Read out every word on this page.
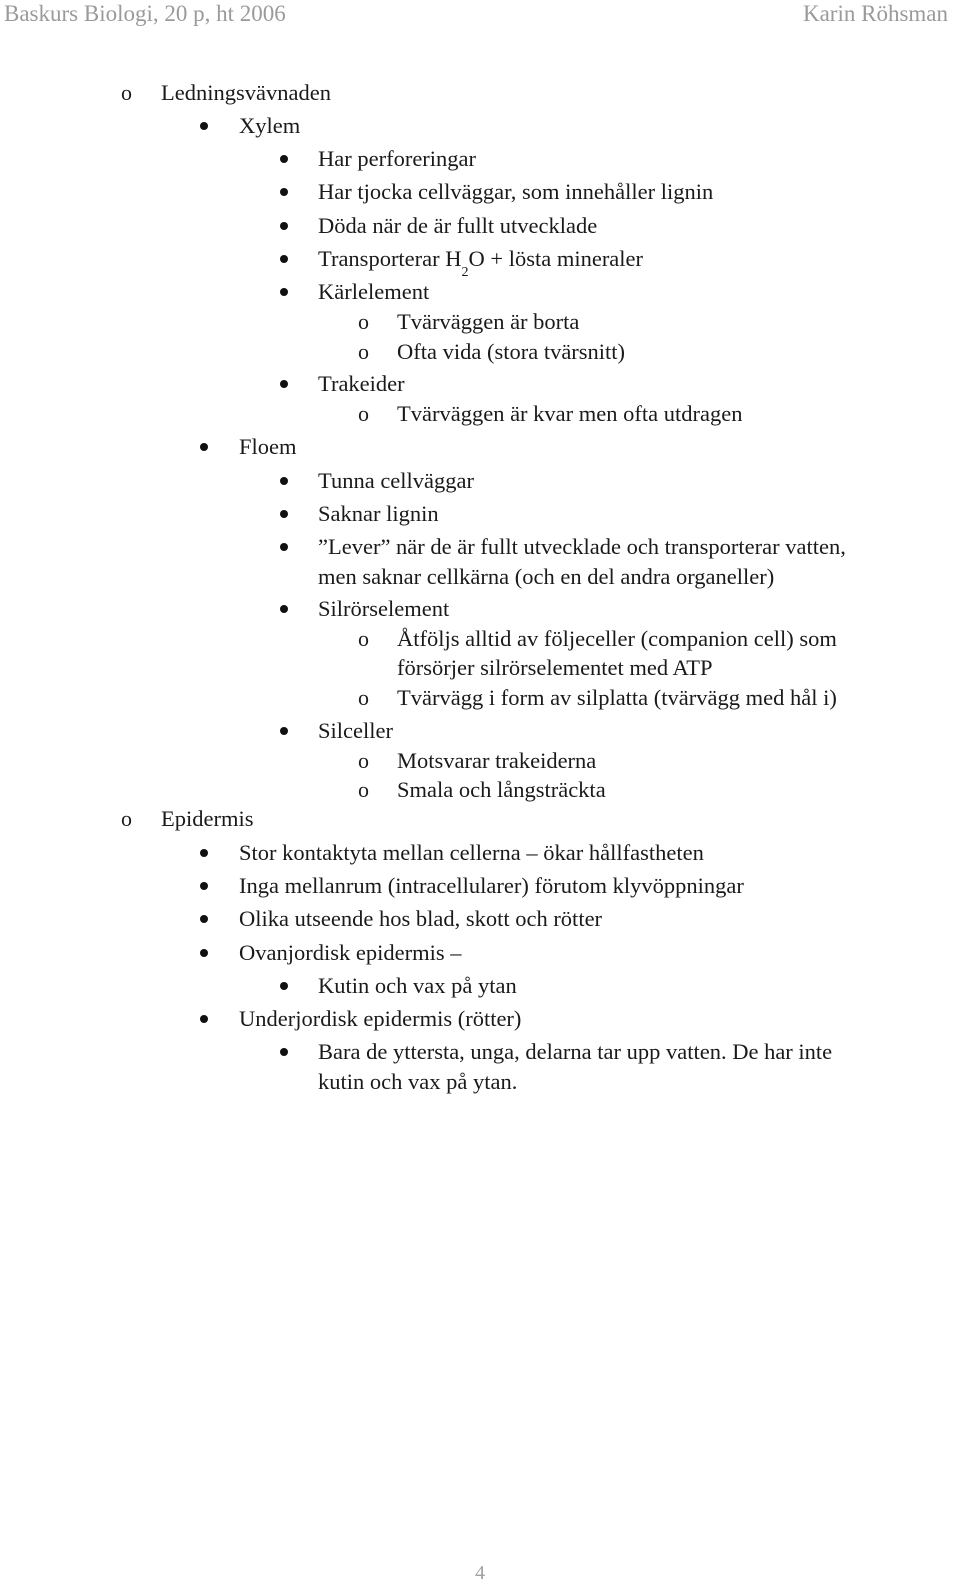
Baskurs Biologi, 20 p, ht 2006	Karin Röhsman
o Ledningsvävnaden
Xylem
Har perforeringar
Har tjocka cellväggar, som innehåller lignin
Döda när de är fullt utvecklade
Transporterar $H_2O$ + lösta mineraler
Kärlelement
o Tvärväggen är borta
o Ofta vida (stora tvärsnitt)
Trakeider
o Tvärväggen är kvar men ofta utdragen
Floem
Tunna cellväggar
Saknar lignin
”Lever” när de är fullt utvecklade och transporterar vatten,
men saknar cellkärna (och en del andra organeller)
Silrörselement
o Åtföljs alltid av följeceller (companion cell) som
försörjer silrörselementet med ATP
o Tvärvägg i form av silplatta (tvärvägg med hål i)
Silceller
o Motsvarar trakeiderna
o Smala och långsträckta
o Epidermis
Stor kontaktyta mellan cellerna – ökar hållfastheten
Inga mellanrum (intracellularer) förutom klyvöppningar
Olika utseende hos blad, skott och rötter
Ovanjordisk epidermis –
Kutin och vax på ytan
Underjordisk epidermis (rötter)
Bara de yttersta, unga, delarna tar upp vatten. De har inte
kutin och vax på ytan.
4
